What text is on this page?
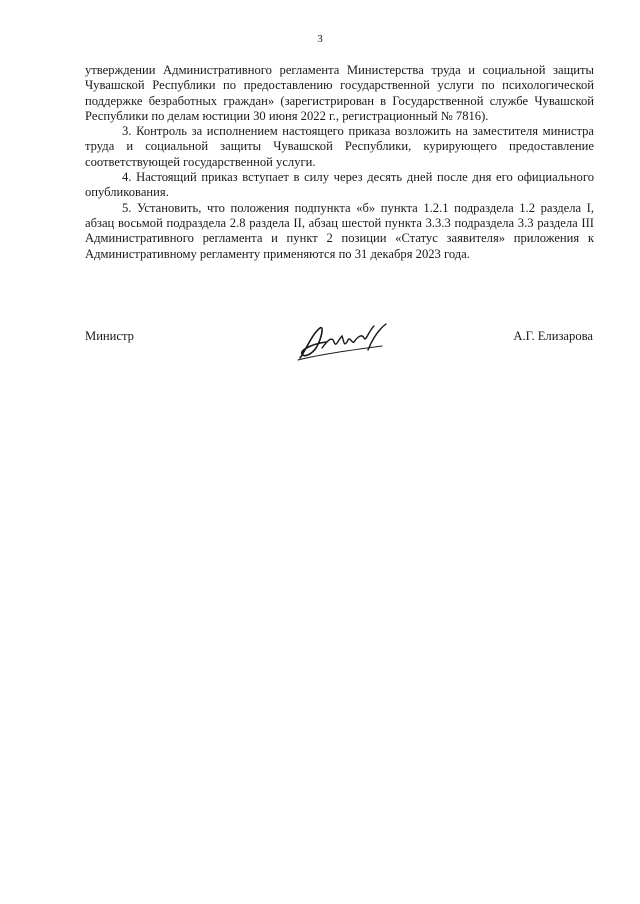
3

утверждении Административного регламента Министерства труда и социальной защиты Чувашской Республики по предоставлению государственной услуги по психологической поддержке безработных граждан» (зарегистрирован в Государственной службе Чувашской Республики по делам юстиции 30 июня 2022 г., регистрационный № 7816).

3. Контроль за исполнением настоящего приказа возложить на заместителя министра труда и социальной защиты Чувашской Республики, курирующего предоставление соответствующей государственной услуги.

4. Настоящий приказ вступает в силу через десять дней после дня его официального опубликования.

5. Установить, что положения подпункта «б» пункта 1.2.1 подраздела 1.2 раздела I, абзац восьмой подраздела 2.8 раздела II, абзац шестой пункта 3.3.3 подраздела 3.3 раздела III Административного регламента и пункт 2 позиции «Статус заявителя» приложения к Административному регламенту применяются по 31 декабря 2023 года.

Министр	А.Г. Елизарова
